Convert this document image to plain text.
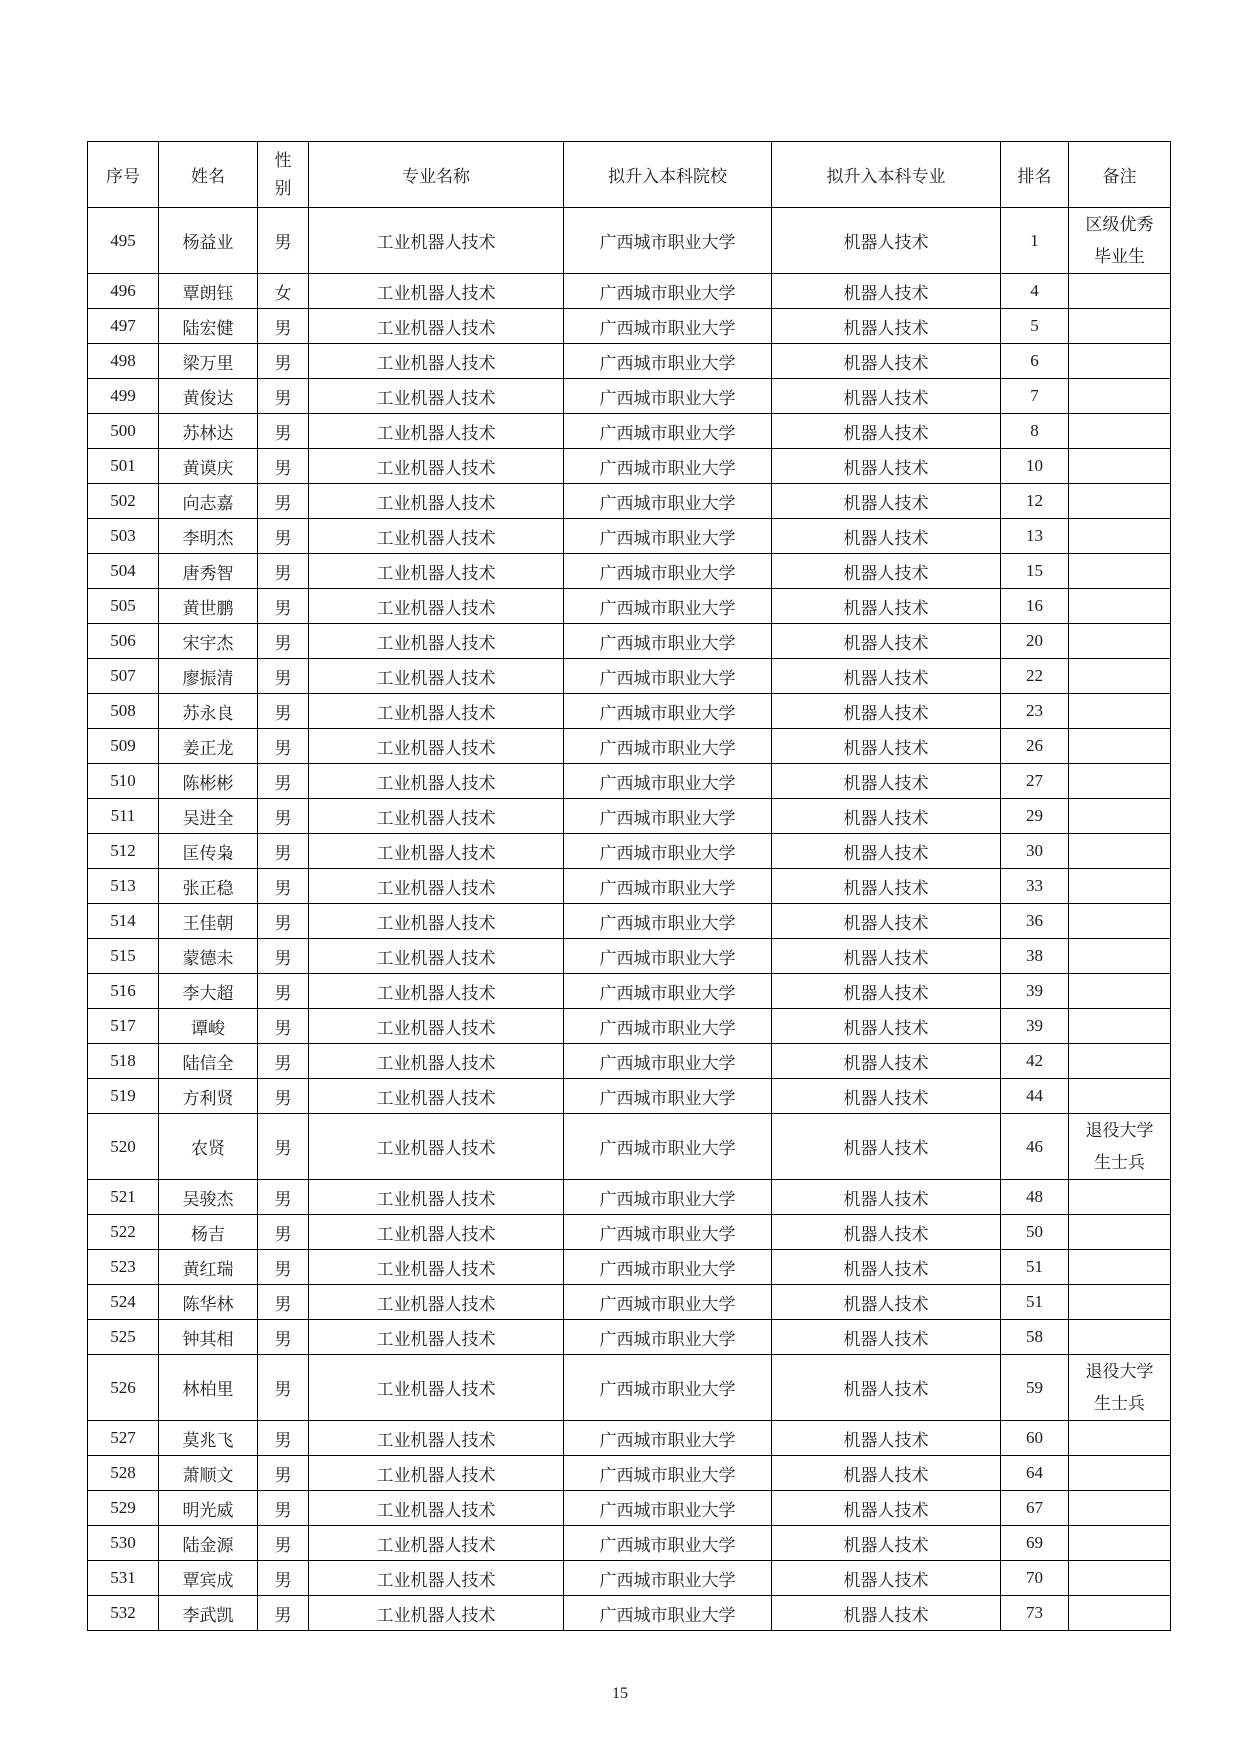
序号	姓名	性别	专业名称	拟升入本科院校	拟升入本科专业	排名	备注

495	杨益业	男	工业机器人技术	广西城市职业大学	机器人技术	1	区级优秀毕业生

496	覃朗钰	女	工业机器人技术	广西城市职业大学	机器人技术	4	

497	陆宏健	男	工业机器人技术	广西城市职业大学	机器人技术	5	

498	梁万里	男	工业机器人技术	广西城市职业大学	机器人技术	6	

499	黄俊达	男	工业机器人技术	广西城市职业大学	机器人技术	7	

500	苏林达	男	工业机器人技术	广西城市职业大学	机器人技术	8	

501	黄谟庆	男	工业机器人技术	广西城市职业大学	机器人技术	10	

502	向志嘉	男	工业机器人技术	广西城市职业大学	机器人技术	12	

503	李明杰	男	工业机器人技术	广西城市职业大学	机器人技术	13	

504	唐秀智	男	工业机器人技术	广西城市职业大学	机器人技术	15	

505	黄世鹏	男	工业机器人技术	广西城市职业大学	机器人技术	16	

506	宋宇杰	男	工业机器人技术	广西城市职业大学	机器人技术	20	

507	廖振清	男	工业机器人技术	广西城市职业大学	机器人技术	22	

508	苏永良	男	工业机器人技术	广西城市职业大学	机器人技术	23	

509	姜正龙	男	工业机器人技术	广西城市职业大学	机器人技术	26	

510	陈彬彬	男	工业机器人技术	广西城市职业大学	机器人技术	27	

511	吴进全	男	工业机器人技术	广西城市职业大学	机器人技术	29	

512	匡传枭	男	工业机器人技术	广西城市职业大学	机器人技术	30	

513	张正稳	男	工业机器人技术	广西城市职业大学	机器人技术	33	

514	王佳朝	男	工业机器人技术	广西城市职业大学	机器人技术	36	

515	蒙德未	男	工业机器人技术	广西城市职业大学	机器人技术	38	

516	李大超	男	工业机器人技术	广西城市职业大学	机器人技术	39	

517	谭峻	男	工业机器人技术	广西城市职业大学	机器人技术	39	

518	陆信全	男	工业机器人技术	广西城市职业大学	机器人技术	42	

519	方利贤	男	工业机器人技术	广西城市职业大学	机器人技术	44	

520	农贤	男	工业机器人技术	广西城市职业大学	机器人技术	46	退役大学生士兵

521	吴骏杰	男	工业机器人技术	广西城市职业大学	机器人技术	48	

522	杨吉	男	工业机器人技术	广西城市职业大学	机器人技术	50	

523	黄红瑞	男	工业机器人技术	广西城市职业大学	机器人技术	51	

524	陈华林	男	工业机器人技术	广西城市职业大学	机器人技术	51	

525	钟其相	男	工业机器人技术	广西城市职业大学	机器人技术	58	

526	林柏里	男	工业机器人技术	广西城市职业大学	机器人技术	59	退役大学生士兵

527	莫兆飞	男	工业机器人技术	广西城市职业大学	机器人技术	60	

528	萧顺文	男	工业机器人技术	广西城市职业大学	机器人技术	64	

529	明光威	男	工业机器人技术	广西城市职业大学	机器人技术	67	

530	陆金源	男	工业机器人技术	广西城市职业大学	机器人技术	69	

531	覃宾成	男	工业机器人技术	广西城市职业大学	机器人技术	70	

532	李武凯	男	工业机器人技术	广西城市职业大学	机器人技术	73	

15
